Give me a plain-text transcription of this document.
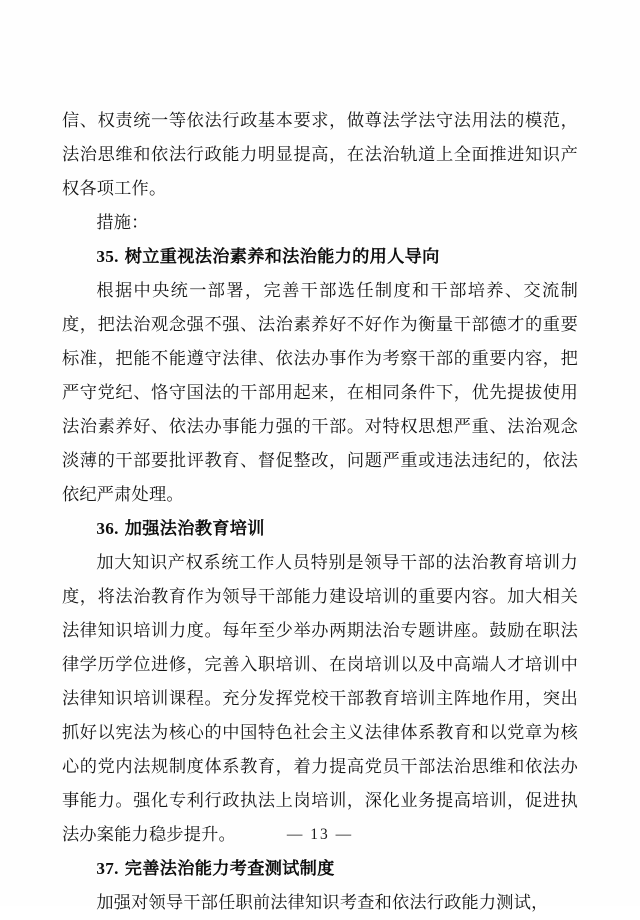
信、权责统一等依法行政基本要求，做尊法学法守法用法的模范，法治思维和依法行政能力明显提高，在法治轨道上全面推进知识产权各项工作。

措施：

35. 树立重视法治素养和法治能力的用人导向

根据中央统一部署，完善干部选任制度和干部培养、交流制度，把法治观念强不强、法治素养好不好作为衡量干部德才的重要标准，把能不能遵守法律、依法办事作为考察干部的重要内容，把严守党纪、恪守国法的干部用起来，在相同条件下，优先提拔使用法治素养好、依法办事能力强的干部。对特权思想严重、法治观念淡薄的干部要批评教育、督促整改，问题严重或违法违纪的，依法依纪严肃处理。

36. 加强法治教育培训

加大知识产权系统工作人员特别是领导干部的法治教育培训力度，将法治教育作为领导干部能力建设培训的重要内容。加大相关法律知识培训力度。每年至少举办两期法治专题讲座。鼓励在职法律学历学位进修，完善入职培训、在岗培训以及中高端人才培训中法律知识培训课程。充分发挥党校干部教育培训主阵地作用，突出抓好以宪法为核心的中国特色社会主义法律体系教育和以党章为核心的党内法规制度体系教育，着力提高党员干部法治思维和依法办事能力。强化专利行政执法上岗培训，深化业务提高培训，促进执法办案能力稳步提升。

37. 完善法治能力考查测试制度

加强对领导干部任职前法律知识考查和依法行政能力测试，

— 13 —
